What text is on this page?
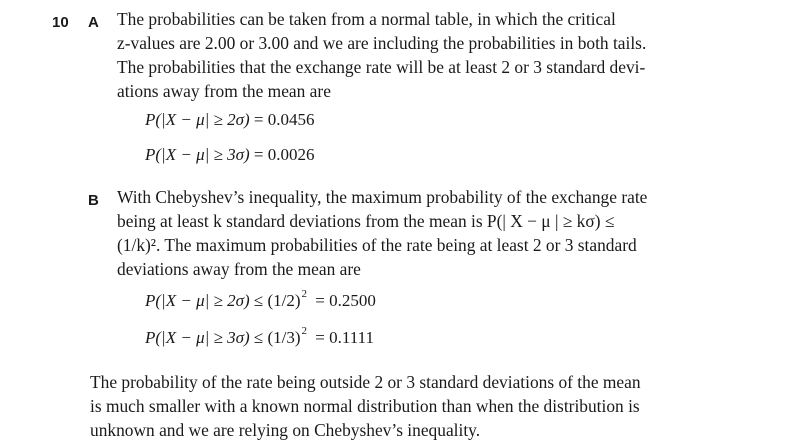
10 A The probabilities can be taken from a normal table, in which the critical
z-values are 2.00 or 3.00 and we are including the probabilities in both tails.
The probabilities that the exchange rate will be at least 2 or 3 standard devi-
ations away from the mean are
P(|X − μ| ≥ 2σ) = 0.0456
P(|X − μ| ≥ 3σ) = 0.0026
B With Chebyshev’s inequality, the maximum probability of the exchange rate
being at least k standard deviations from the mean is P(| X − μ | ≥ kσ) ≤
(1/k)². The maximum probabilities of the rate being at least 2 or 3 standard
deviations away from the mean are
$P(|X - \mu| \ge 2\sigma) \le (1/2)^2 = 0.2500$
$P(|X - \mu| \ge 3\sigma) \le (1/3)^2 = 0.1111$
The probability of the rate being outside 2 or 3 standard deviations of the mean
is much smaller with a known normal distribution than when the distribution is
unknown and we are relying on Chebyshev’s inequality.
